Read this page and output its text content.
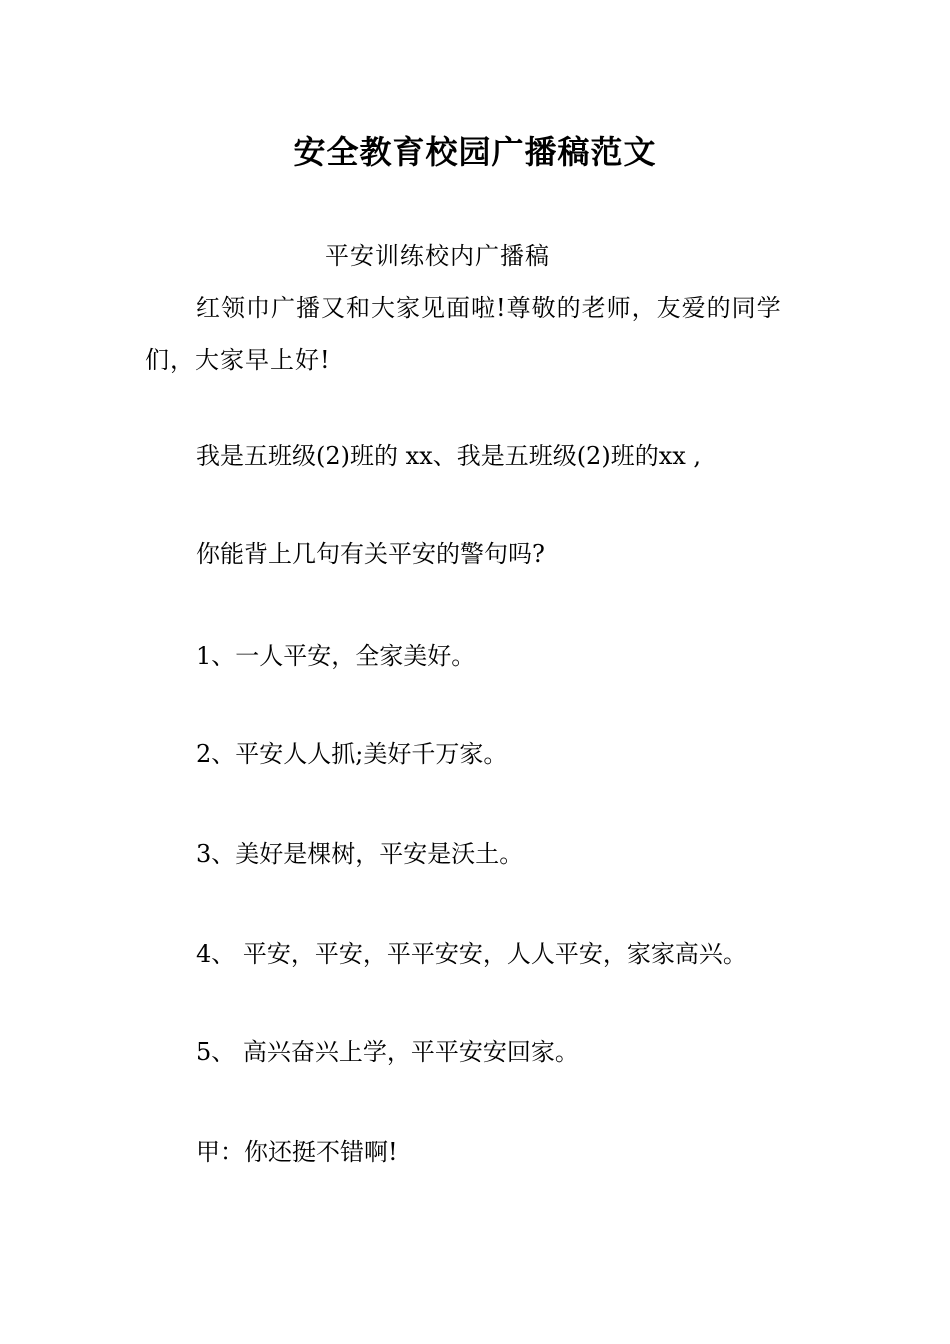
安全教育校园广播稿范文

平安训练校内广播稿

红领巾广播又和大家见面啦!尊敬的老师，友爱的同学们，大家早上好!

我是五班级(2)班的 xx、我是五班级(2)班的xx ,

你能背上几句有关平安的警句吗?

1、一人平安，全家美好。

2、平安人人抓;美好千万家。

3、美好是棵树，平安是沃土。

4、 平安，平安，平平安安，人人平安，家家高兴。

5、 高兴奋兴上学，平平安安回家。

甲：你还挺不错啊!
